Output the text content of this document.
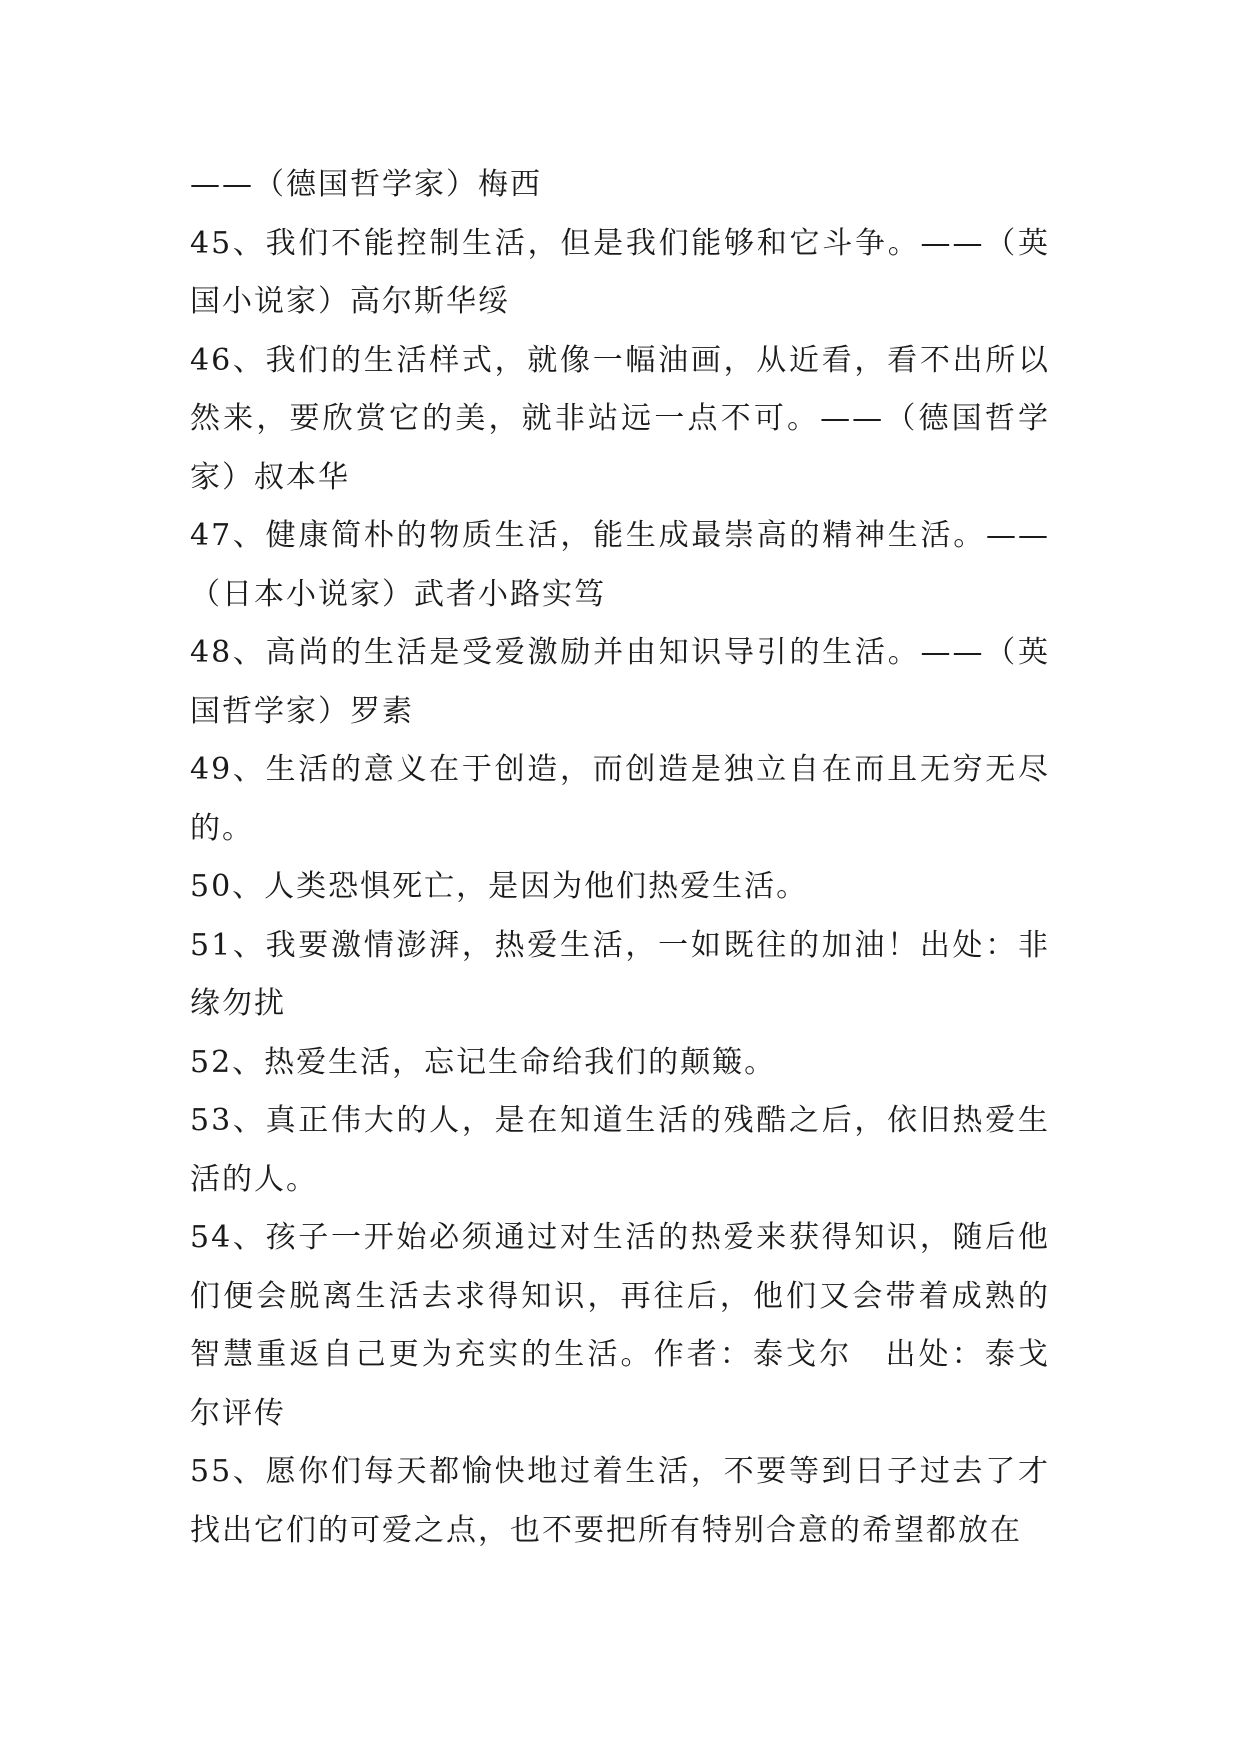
——（德国哲学家）梅西

45、我们不能控制生活，但是我们能够和它斗争。——（英国小说家）高尔斯华绥

46、我们的生活样式，就像一幅油画，从近看，看不出所以然来，要欣赏它的美，就非站远一点不可。——（德国哲学家）叔本华

47、健康简朴的物质生活，能生成最崇高的精神生活。——（日本小说家）武者小路实笃

48、高尚的生活是受爱激励并由知识导引的生活。——（英国哲学家）罗素

49、生活的意义在于创造，而创造是独立自在而且无穷无尽的。

50、人类恐惧死亡，是因为他们热爱生活。

51、我要激情澎湃，热爱生活，一如既往的加油！出处：非缘勿扰

52、热爱生活，忘记生命给我们的颠簸。

53、真正伟大的人，是在知道生活的残酷之后，依旧热爱生活的人。

54、孩子一开始必须通过对生活的热爱来获得知识，随后他们便会脱离生活去求得知识，再往后，他们又会带着成熟的智慧重返自己更为充实的生活。作者：泰戈尔　出处：泰戈尔评传

55、愿你们每天都愉快地过着生活，不要等到日子过去了才找出它们的可爱之点，也不要把所有特别合意的希望都放在
